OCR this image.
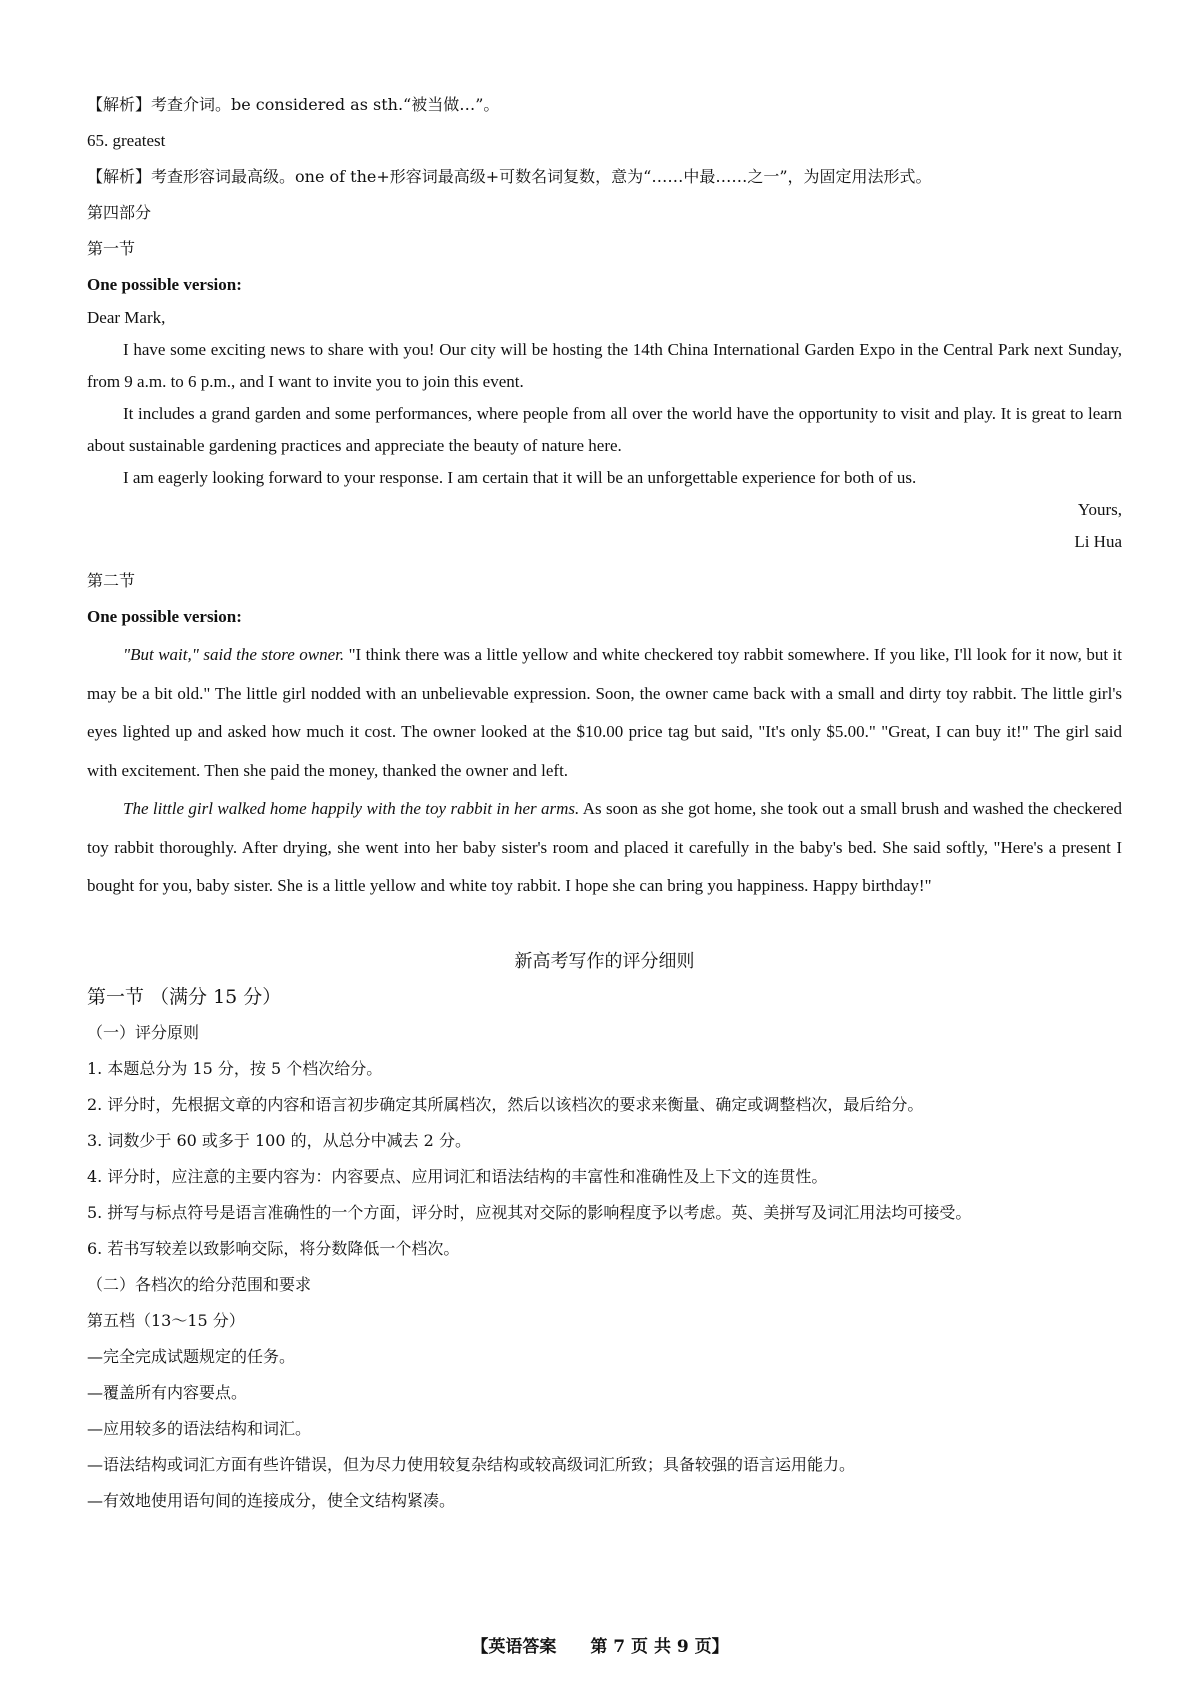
【解析】考查介词。be considered as sth.“被当做…”。

65. greatest

【解析】考查形容词最高级。one of the+形容词最高级+可数名词复数，意为“……中最……之一”，为固定用法形式。

第四部分

第一节

One possible version:

Dear Mark,

I have some exciting news to share with you! Our city will be hosting the 14th China International Garden Expo in the Central Park next Sunday, from 9 a.m. to 6 p.m., and I want to invite you to join this event.

It includes a grand garden and some performances, where people from all over the world have the opportunity to visit and play. It is great to learn about sustainable gardening practices and appreciate the beauty of nature here.

I am eagerly looking forward to your response. I am certain that it will be an unforgettable experience for both of us.

Yours,

Li Hua

第二节

One possible version:

"But wait," said the store owner. "I think there was a little yellow and white checkered toy rabbit somewhere. If you like, I'll look for it now, but it may be a bit old." The little girl nodded with an unbelievable expression. Soon, the owner came back with a small and dirty toy rabbit. The little girl's eyes lighted up and asked how much it cost. The owner looked at the $10.00 price tag but said, "It's only $5.00." "Great, I can buy it!" The girl said with excitement. Then she paid the money, thanked the owner and left.

The little girl walked home happily with the toy rabbit in her arms. As soon as she got home, she took out a small brush and washed the checkered toy rabbit thoroughly. After drying, she went into her baby sister's room and placed it carefully in the baby's bed. She said softly, "Here's a present I bought for you, baby sister. She is a little yellow and white toy rabbit. I hope she can bring you happiness. Happy birthday!"

新高考写作的评分细则

第一节 （满分 15 分）

（一）评分原则

1. 本题总分为 15 分，按 5 个档次给分。

2. 评分时，先根据文章的内容和语言初步确定其所属档次，然后以该档次的要求来衡量、确定或调整档次，最后给分。

3. 词数少于 60 或多于 100 的，从总分中减去 2 分。

4. 评分时，应注意的主要内容为：内容要点、应用词汇和语法结构的丰富性和准确性及上下文的连贯性。

5. 拼写与标点符号是语言准确性的一个方面，评分时，应视其对交际的影响程度予以考虑。英、美拼写及词汇用法均可接受。

6. 若书写较差以致影响交际，将分数降低一个档次。

（二）各档次的给分范围和要求

第五档（13～15 分）

—完全完成试题规定的任务。

—覆盖所有内容要点。

—应用较多的语法结构和词汇。

—语法结构或词汇方面有些许错误，但为尽力使用较复杂结构或较高级词汇所致；具备较强的语言运用能力。

—有效地使用语句间的连接成分，使全文结构紧凑。

【英语答案　　第 7 页 共 9 页】
